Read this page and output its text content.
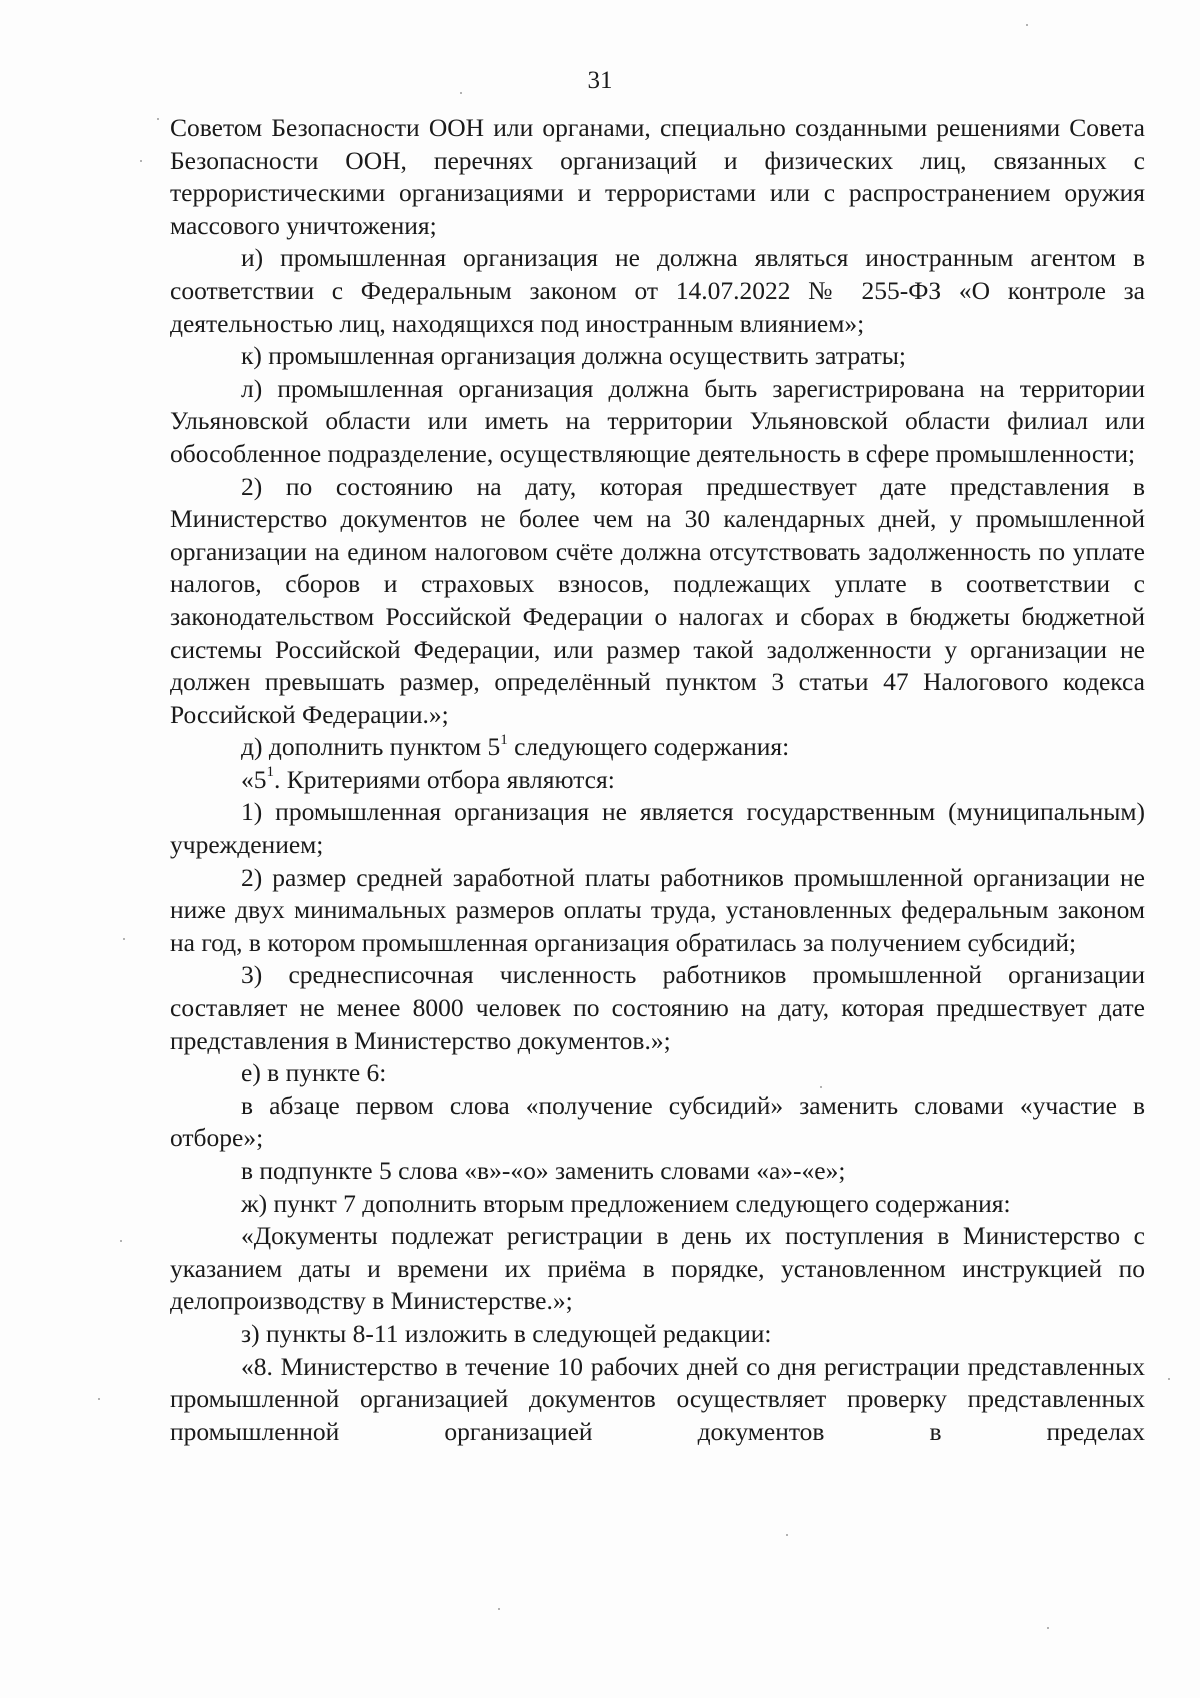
31

Советом Безопасности ООН или органами, специально созданными решениями Совета Безопасности ООН, перечнях организаций и физических лиц, связанных с террористическими организациями и террористами или с распространением оружия массового уничтожения;

и) промышленная организация не должна являться иностранным агентом в соответствии с Федеральным законом от 14.07.2022 № 255-ФЗ «О контроле за деятельностью лиц, находящихся под иностранным влиянием»;

к) промышленная организация должна осуществить затраты;

л) промышленная организация должна быть зарегистрирована на территории Ульяновской области или иметь на территории Ульяновской области филиал или обособленное подразделение, осуществляющие деятельность в сфере промышленности;

2) по состоянию на дату, которая предшествует дате представления в Министерство документов не более чем на 30 календарных дней, у промышленной организации на едином налоговом счёте должна отсутствовать задолженность по уплате налогов, сборов и страховых взносов, подлежащих уплате в соответствии с законодательством Российской Федерации о налогах и сборах в бюджеты бюджетной системы Российской Федерации, или размер такой задолженности у организации не должен превышать размер, определённый пунктом 3 статьи 47 Налогового кодекса Российской Федерации.»;

д) дополнить пунктом $5^1$ следующего содержания:

«$5^1$. Критериями отбора являются:

1) промышленная организация не является государственным (муниципальным) учреждением;

2) размер средней заработной платы работников промышленной организации не ниже двух минимальных размеров оплаты труда, установленных федеральным законом на год, в котором промышленная организация обратилась за получением субсидий;

3) среднесписочная численность работников промышленной организации составляет не менее 8000 человек по состоянию на дату, которая предшествует дате представления в Министерство документов.»;

е) в пункте 6:

в абзаце первом слова «получение субсидий» заменить словами «участие в отборе»;

в подпункте 5 слова «в»-«о» заменить словами «а»-«е»;

ж) пункт 7 дополнить вторым предложением следующего содержания:

«Документы подлежат регистрации в день их поступления в Министерство с указанием даты и времени их приёма в порядке, установленном инструкцией по делопроизводству в Министерстве.»;

з) пункты 8-11 изложить в следующей редакции:

«8. Министерство в течение 10 рабочих дней со дня регистрации представленных промышленной организацией документов осуществляет проверку представленных промышленной организацией документов в пределах
